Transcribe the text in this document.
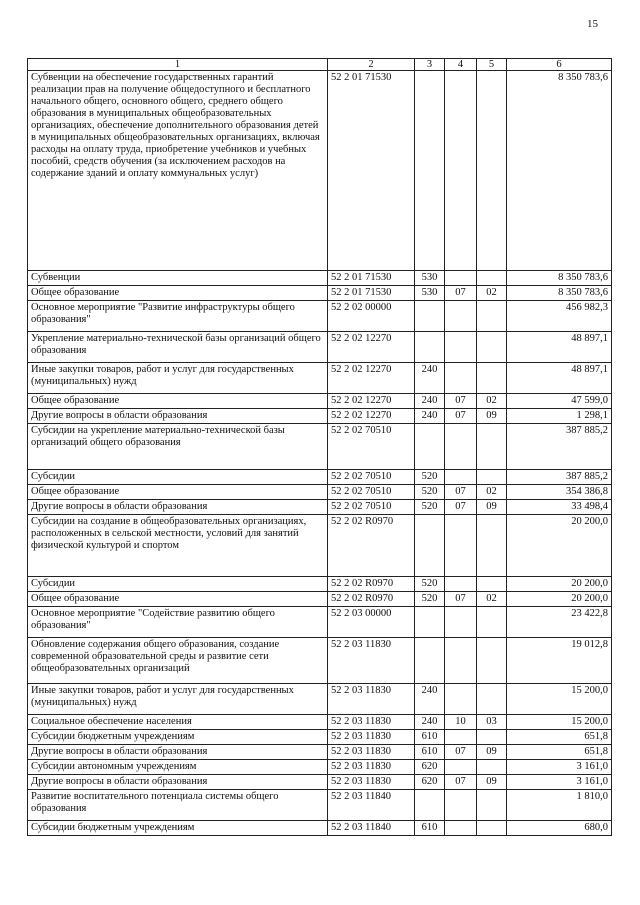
15
1	2	3	4	5	6
Субвенции на обеспечение государственных гарантий реализации прав на получение общедоступного и бесплатного начального общего, основного общего, среднего общего образования в муниципальных общеобразовательных организациях, обеспечение дополнительного образования детей в муниципальных общеобразовательных организациях, включая расходы на оплату труда, приобретение учебников и учебных пособий, средств обучения (за исключением расходов на содержание зданий и оплату коммунальных услуг)	52 2 01 71530				8 350 783,6
Субвенции	52 2 01 71530	530			8 350 783,6
Общее образование	52 2 01 71530	530	07	02	8 350 783,6
Основное мероприятие "Развитие инфраструктуры общего образования"	52 2 02 00000				456 982,3
Укрепление материально-технической базы организаций общего образования	52 2 02 12270				48 897,1
Иные закупки товаров, работ и услуг для государственных (муниципальных) нужд	52 2 02 12270	240			48 897,1
Общее образование	52 2 02 12270	240	07	02	47 599,0
Другие вопросы в области образования	52 2 02 12270	240	07	09	1 298,1
Субсидии на укрепление материально-технической базы организаций общего образования	52 2 02 70510				387 885,2
Субсидии	52 2 02 70510	520			387 885,2
Общее образование	52 2 02 70510	520	07	02	354 386,8
Другие вопросы в области образования	52 2 02 70510	520	07	09	33 498,4
Субсидии на создание в общеобразовательных организациях, расположенных в сельской местности, условий для занятий физической культурой и спортом	52 2 02 R0970				20 200,0
Субсидии	52 2 02 R0970	520			20 200,0
Общее образование	52 2 02 R0970	520	07	02	20 200,0
Основное мероприятие "Содействие развитию общего образования"	52 2 03 00000				23 422,8
Обновление содержания общего образования, создание современной образовательной среды и развитие сети общеобразовательных организаций	52 2 03 11830				19 012,8
Иные закупки товаров, работ и услуг для государственных (муниципальных) нужд	52 2 03 11830	240			15 200,0
Социальное обеспечение населения	52 2 03 11830	240	10	03	15 200,0
Субсидии бюджетным учреждениям	52 2 03 11830	610			651,8
Другие вопросы в области образования	52 2 03 11830	610	07	09	651,8
Субсидии автономным учреждениям	52 2 03 11830	620			3 161,0
Другие вопросы в области образования	52 2 03 11830	620	07	09	3 161,0
Развитие воспитательного потенциала системы общего образования	52 2 03 11840				1 810,0
Субсидии бюджетным учреждениям	52 2 03 11840	610			680,0
